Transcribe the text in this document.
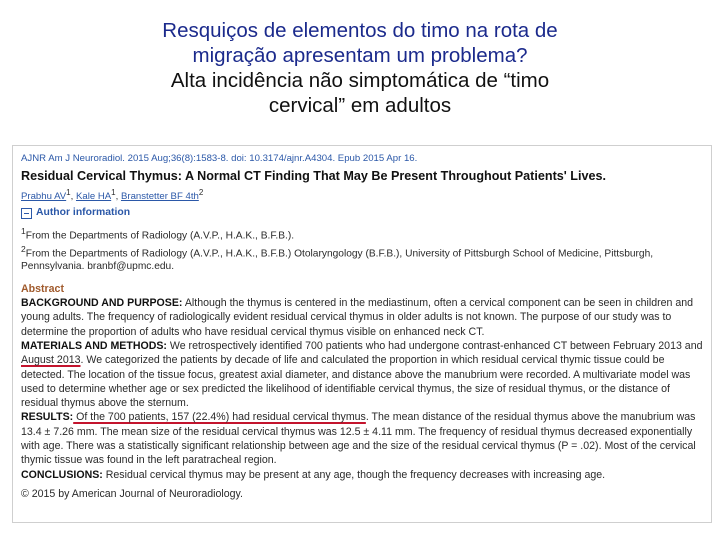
Resquiços de elementos do timo na rota de
migração apresentam um problema?
Alta incidência não simptomática de “timo
cervical” em adultos
AJNR Am J Neuroradiol. 2015 Aug;36(8):1583-8. doi: 10.3174/ajnr.A4304. Epub 2015 Apr 16.
Residual Cervical Thymus: A Normal CT Finding That May Be Present Throughout Patients' Lives.
Prabhu $AV^1$, Kale $HA^1$, Branstetter BF $4th^2$
Author information
$^1$From the Departments of Radiology (A.V.P., H.A.K., B.F.B.).
$^2$From the Departments of Radiology (A.V.P., H.A.K., B.F.B.) Otolaryngology (B.F.B.), University of Pittsburgh School of Medicine, Pittsburgh, Pennsylvania. branbf@upmc.edu.
Abstract

BACKGROUND AND PURPOSE: Although the thymus is centered in the mediastinum, often a cervical component can be seen in children and young adults. The frequency of radiologically evident residual cervical thymus in older adults is not known. The purpose of our study was to determine the proportion of adults who have residual cervical thymus visible on enhanced neck CT.

MATERIALS AND METHODS: We retrospectively identified 700 patients who had undergone contrast-enhanced CT between February 2013 and August 2013. We categorized the patients by decade of life and calculated the proportion in which residual cervical thymic tissue could be detected. The location of the tissue focus, greatest axial diameter, and distance above the manubrium were recorded. A multivariate model was used to determine whether age or sex predicted the likelihood of identifiable cervical thymus, the size of residual thymus, or the distance of residual thymus above the sternum.

RESULTS: Of the 700 patients, 157 (22.4%) had residual cervical thymus. The mean distance of the residual thymus above the manubrium was 13.4 ± 7.26 mm. The mean size of the residual cervical thymus was 12.5 ± 4.11 mm. The frequency of residual thymus decreased exponentially with age. There was a statistically significant relationship between age and the size of the residual cervical thymus (P = .02). Most of the cervical thymic tissue was found in the left paratracheal region.

CONCLUSIONS: Residual cervical thymus may be present at any age, though the frequency decreases with increasing age.

© 2015 by American Journal of Neuroradiology.
